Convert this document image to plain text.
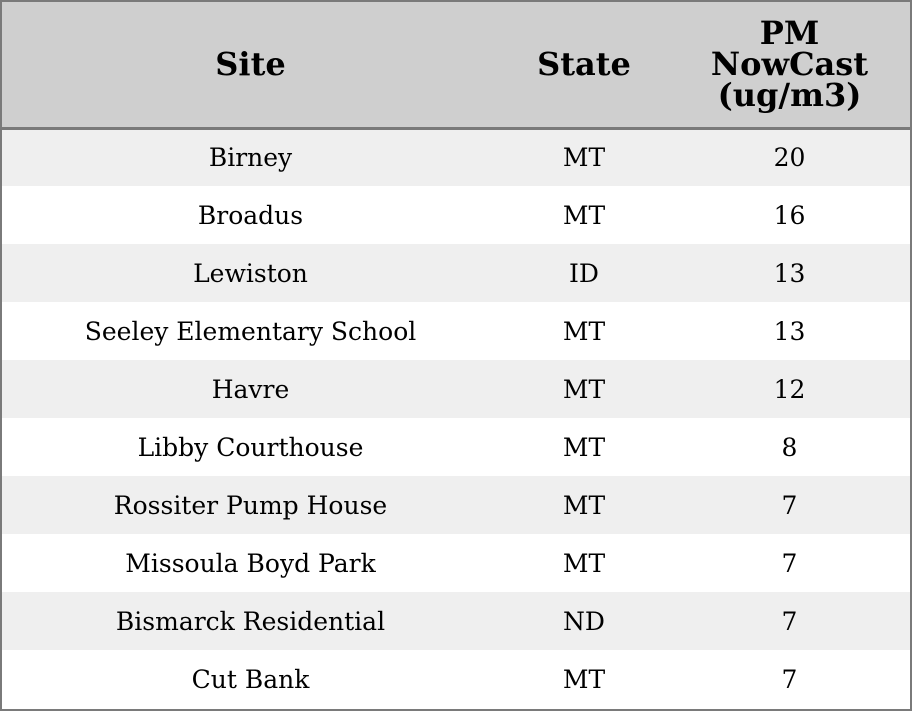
Site	State	PM
NowCast
(ug/m3)

Birney	MT	20
Broadus	MT	16
Lewiston	ID	13
Seeley Elementary School	MT	13
Havre	MT	12
Libby Courthouse	MT	8
Rossiter Pump House	MT	7
Missoula Boyd Park	MT	7
Bismarck Residential	ND	7
Cut Bank	MT	7
